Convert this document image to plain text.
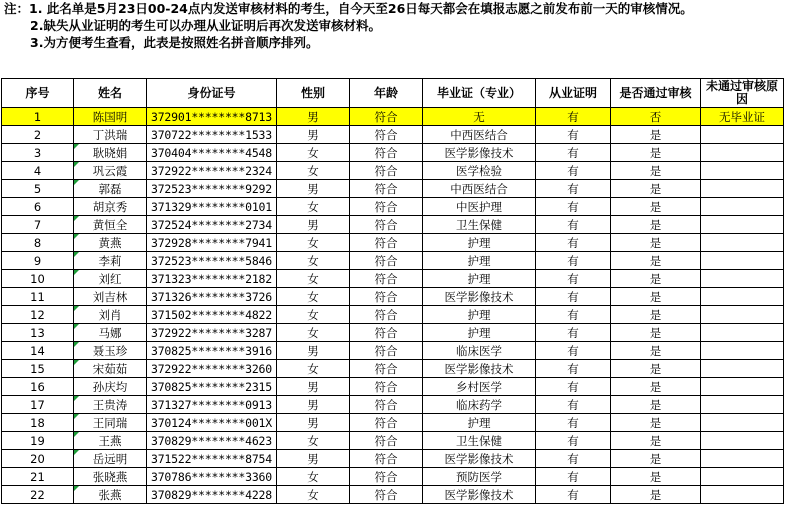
注：1. 此名单是5月23日00-24点内发送审核材料的考生，自今天至26日每天都会在填报志愿之前发布前一天的审核情况。
2.缺失从业证明的考生可以办理从业证明后再次发送审核材料。
3.为方便考生查看，此表是按照姓名拼音顺序排列。
序号	姓名	身份证号	性别	年龄	毕业证（专业）	从业证明	是否通过审核	未通过审核原因
1	陈国明	372901********8713	男	符合	无	有	否	无毕业证
2	丁洪瑞	370722********1533	男	符合	中西医结合	有	是	
3	耿晓娟	370404********4548	女	符合	医学影像技术	有	是	
4	巩云霞	372922********2324	女	符合	医学检验	有	是	
5	郭磊	372523********9292	男	符合	中西医结合	有	是	
6	胡京秀	371329********0101	女	符合	中医护理	有	是	
7	黄恒全	372524********2734	男	符合	卫生保健	有	是	
8	黄燕	372928********7941	女	符合	护理	有	是	
9	李莉	372523********5846	女	符合	护理	有	是	
10	刘红	371323********2182	女	符合	护理	有	是	
11	刘吉林	371326********3726	女	符合	医学影像技术	有	是	
12	刘肖	371502********4822	女	符合	护理	有	是	
13	马娜	372922********3287	女	符合	护理	有	是	
14	聂玉珍	370825********3916	男	符合	临床医学	有	是	
15	宋茹茹	372922********3260	女	符合	医学影像技术	有	是	
16	孙庆均	370825********2315	男	符合	乡村医学	有	是	
17	王贵涛	371327********0913	男	符合	临床药学	有	是	
18	王同瑞	370124********001X	男	符合	护理	有	是	
19	王燕	370829********4623	女	符合	卫生保健	有	是	
20	岳远明	371522********8754	男	符合	医学影像技术	有	是	
21	张晓燕	370786********3360	女	符合	预防医学	有	是	
22	张燕	370829********4228	女	符合	医学影像技术	有	是	
